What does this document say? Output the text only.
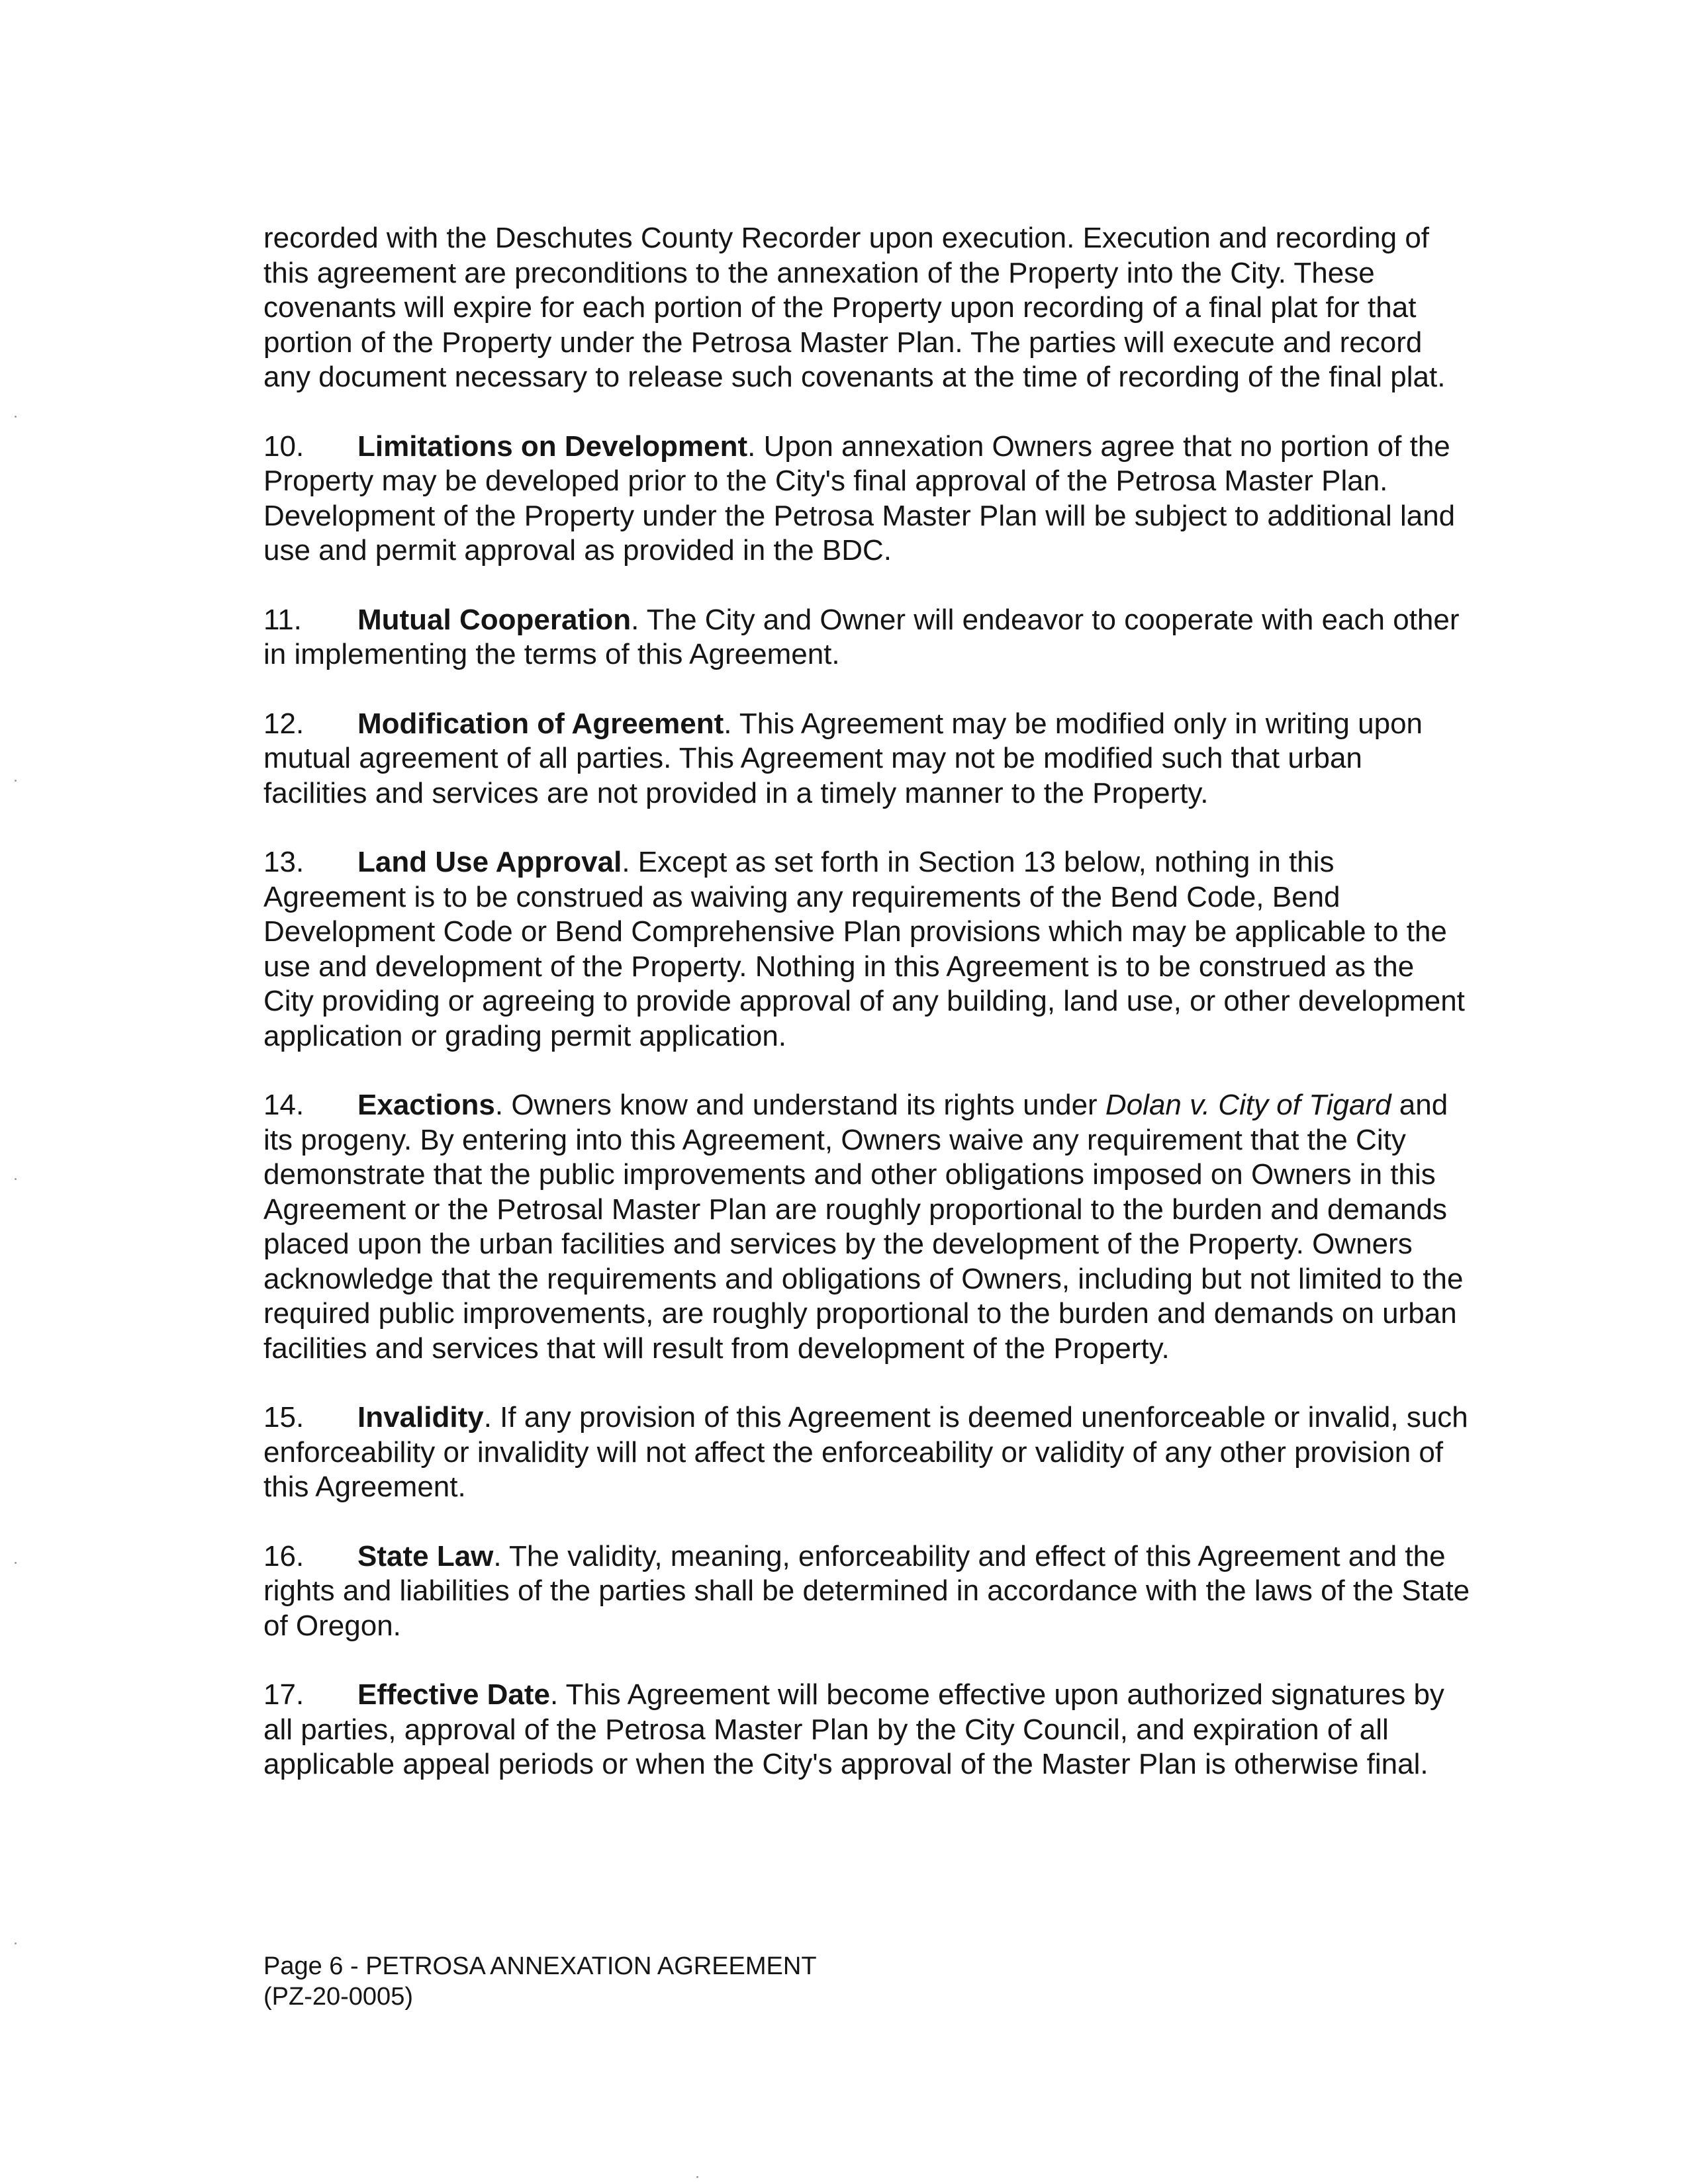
recorded with the Deschutes County Recorder upon execution. Execution and recording of this agreement are preconditions to the annexation of the Property into the City. These covenants will expire for each portion of the Property upon recording of a final plat for that portion of the Property under the Petrosa Master Plan. The parties will execute and record any document necessary to release such covenants at the time of recording of the final plat.

10. Limitations on Development. Upon annexation Owners agree that no portion of the Property may be developed prior to the City's final approval of the Petrosa Master Plan. Development of the Property under the Petrosa Master Plan will be subject to additional land use and permit approval as provided in the BDC.

11. Mutual Cooperation. The City and Owner will endeavor to cooperate with each other in implementing the terms of this Agreement.

12. Modification of Agreement. This Agreement may be modified only in writing upon mutual agreement of all parties. This Agreement may not be modified such that urban facilities and services are not provided in a timely manner to the Property.

13. Land Use Approval. Except as set forth in Section 13 below, nothing in this Agreement is to be construed as waiving any requirements of the Bend Code, Bend Development Code or Bend Comprehensive Plan provisions which may be applicable to the use and development of the Property. Nothing in this Agreement is to be construed as the City providing or agreeing to provide approval of any building, land use, or other development application or grading permit application.

14. Exactions. Owners know and understand its rights under Dolan v. City of Tigard and its progeny. By entering into this Agreement, Owners waive any requirement that the City demonstrate that the public improvements and other obligations imposed on Owners in this Agreement or the Petrosal Master Plan are roughly proportional to the burden and demands placed upon the urban facilities and services by the development of the Property. Owners acknowledge that the requirements and obligations of Owners, including but not limited to the required public improvements, are roughly proportional to the burden and demands on urban facilities and services that will result from development of the Property.

15. Invalidity. If any provision of this Agreement is deemed unenforceable or invalid, such enforceability or invalidity will not affect the enforceability or validity of any other provision of this Agreement.

16. State Law. The validity, meaning, enforceability and effect of this Agreement and the rights and liabilities of the parties shall be determined in accordance with the laws of the State of Oregon.

17. Effective Date. This Agreement will become effective upon authorized signatures by all parties, approval of the Petrosa Master Plan by the City Council, and expiration of all applicable appeal periods or when the City's approval of the Master Plan is otherwise final.

Page 6 - PETROSA ANNEXATION AGREEMENT
(PZ-20-0005)
